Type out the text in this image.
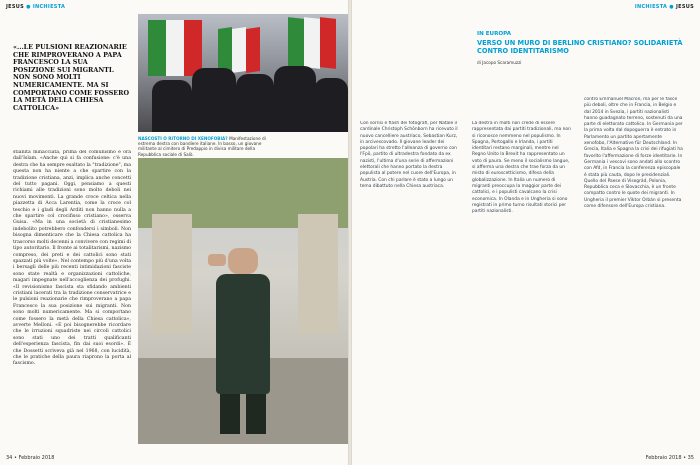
JESUS ● INCHIESTA
«...LE PULSIONI REAZIONARIE CHE RIMPROVERANO A PAPA FRANCESCO LA SUA POSIZIONE SUI MIGRANTI. NON SONO MOLTI NUMERICAMENTE. MA SI COMPORTANO COME FOSSERO LA METÀ DELLA CHIESA CATTOLICA»
NASCOSTI O RITORNO DI XENOFOBIA? Manifestazione di estrema destra con bandiere italiane. In basso, un giovane militante al cimitero di Predappio in divisa militare della Repubblica sociale di Salò.

stianità minacciata, prima del comunismo e ora dall'Islam. «Anche qui si fa confusione: c'è una destra che ha sempre esaltato la "tradizione", ma questa non ha niente a che spartire con la tradizione cristiana, anzi, implica anche concetti del tutto pagani. Oggi, pensiamo a questi richiami alle tradizioni sono molto deboli nei nuovi movimenti. La grande croce celtica nella piazzetta di Acca Larentia, come la croce col teschio e i gladi degli Arditi non hanno nulla a che spartire col crocifisso cristiano», osserva Guisa. «Ma in una società di cristianesimo indebolito potrebbero confondersi i simboli. Non bisogna dimenticare che la Chiesa cattolica ha trascorso molti decenni a convivere con regimi di tipo autoritario. Il fronte ai totalitarismi, nazismo compreso, dei preti e dei cattolici sono stati spazzati più volte». Nel contempo più d'una volta i bersagli delle più recenti intimidazioni fasciste sono state realtà e organizzazioni cattoliche, magari impegnate nell'accoglienza dei profughi. «Il revisionismo fascista sta sfidando ambienti cristiani lacerati tra la tradizione conservatrice e le pulsioni reazionarie che rimproverano a papa Francesco la sua posizione sui migranti. Non sono molti numericamente. Ma si comportano come fossero la metà della Chiesa cattolica», avverte Melloni. «E poi bisognerebbe ricordare che le irruzioni squadriste nei circoli cattolici sono stati uno dei tratti qualificanti dell'esperienza fascista, fin dai suoi esordi». È che Dossetti scriveva già nel 1968, con lucidità, che le pratiche della paura riaprono la porta al fascismo.

34 • Febbraio 2018
INCHIESTA ● JESUS
IN EUROPA
VERSO UN MURO DI BERLINO CRISTIANO? SOLIDARIETÀ CONTRO IDENTITARISMO
di Jacopo Scaramuzzi

Con sorrisi e flash dei fotografi, per Natale il cardinale Christoph Schönborn ha ricevuto il nuovo cancelliere austriaco, Sebastian Kurz, in arcivescovado. Il giovane leader dei popolari ha stretto l'alleanza di governo con l'Fpö, partito di ultradestra fondato da ex nazisti, l'ultima d'una serie di affermazioni elettorali che hanno portato la destra populista al potere nel cuore dell'Europa, in Austria. Con chi parlare è stato a lungo un tema dibattuto nella Chiesa austriaca.

La destra in molti non crede di essere rappresentata dai partiti tradizionali, ma non si riconosce nemmeno nel populismo. In Spagna, Portogallo e Irlanda, i partiti identitari restano marginali, mentre nel Regno Unito la Brexit ha rappresentato un voto di paura. Se meno il socialismo langue, si afferma una destra che trae forza da un misto di euroscetticismo, difesa della globalizzazione. In Italia un numero di migranti preoccupa la maggior parte dei cattolici, e i populisti cavalcano la crisi economica. In Olanda e in Ungheria si sono registrati in primo turno risultati storici per partiti nazionalisti.

contro Emmanuel Macron, ma per le fasce più deboli, oltre che in Francia, in Belgio e dal 2014 in Svezia, i partiti nazionalisti hanno guadagnato terreno, sostenuti da una parte di elettorato cattolico. In Germania per la prima volta dal dopoguerra è entrato in Parlamento un partito apertamente xenofobo, l'Alternative für Deutschland. In Grecia, Italia e Spagna la crisi dei rifugiati ha favorito l'affermazione di forze identitarie. In Germania i vescovi sono andati allo scontro con Afd, in Francia la conferenza episcopale è stata più cauta, dopo le presidenziali. Quello del Paese di Visegrád, Polonia, Repubblica ceca e Slovacchia, è un fronte compatto contro le quote dei migranti. In Ungheria il premier Viktor Orbán si presenta come difensore dell'Europa cristiana.

Febbraio 2018 • 35
